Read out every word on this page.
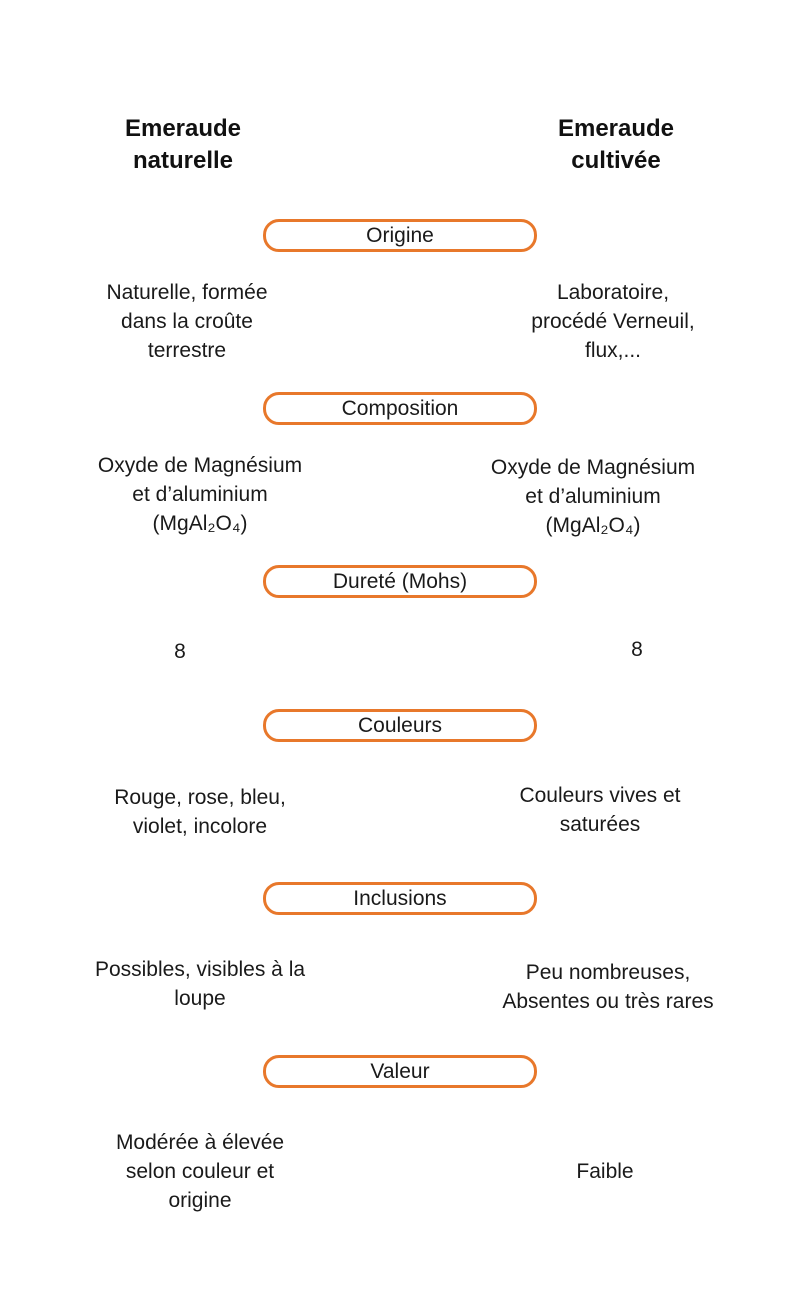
Emeraude
naturelle
Emeraude
cultivée
Origine
Naturelle, formée
dans la croûte
terrestre
Laboratoire,
procédé Verneuil,
flux,...
Composition
Oxyde de Magnésium
et d’aluminium
(MgAl₂O₄)
Oxyde de Magnésium
et d’aluminium
(MgAl₂O₄)
Dureté (Mohs)
8	8
Couleurs
Rouge, rose, bleu,
violet, incolore
Couleurs vives et
saturées
Inclusions
Possibles, visibles à la
loupe
Peu nombreuses,
Absentes ou très rares
Valeur
Modérée à élevée
selon couleur et
origine
Faible
